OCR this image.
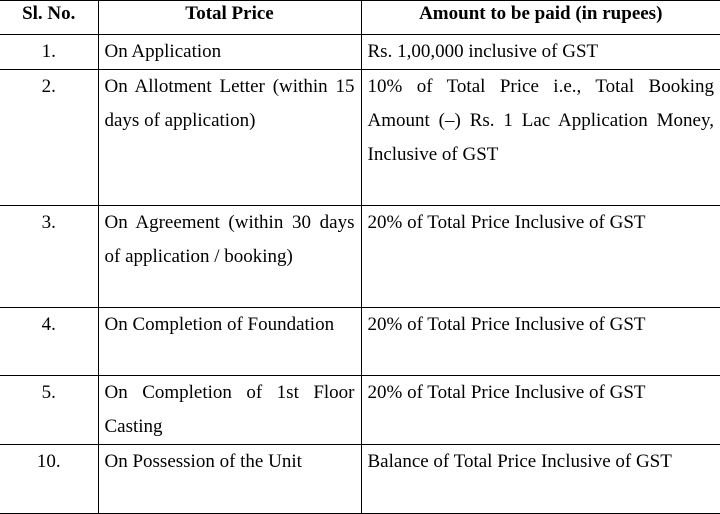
Sl. No.	Total Price	Amount to be paid (in rupees)
1.	On Application	Rs. 1,00,000 inclusive of GST
2.	On Allotment Letter (within 15 days of application)	10% of Total Price i.e., Total Booking Amount (–) Rs. 1 Lac Application Money, Inclusive of GST
3.	On Agreement (within 30 days of application / booking)	20% of Total Price Inclusive of GST
4.	On Completion of Foundation	20% of Total Price Inclusive of GST
5.	On Completion of 1st Floor Casting	20% of Total Price Inclusive of GST
10.	On Possession of the Unit	Balance of Total Price Inclusive of GST
